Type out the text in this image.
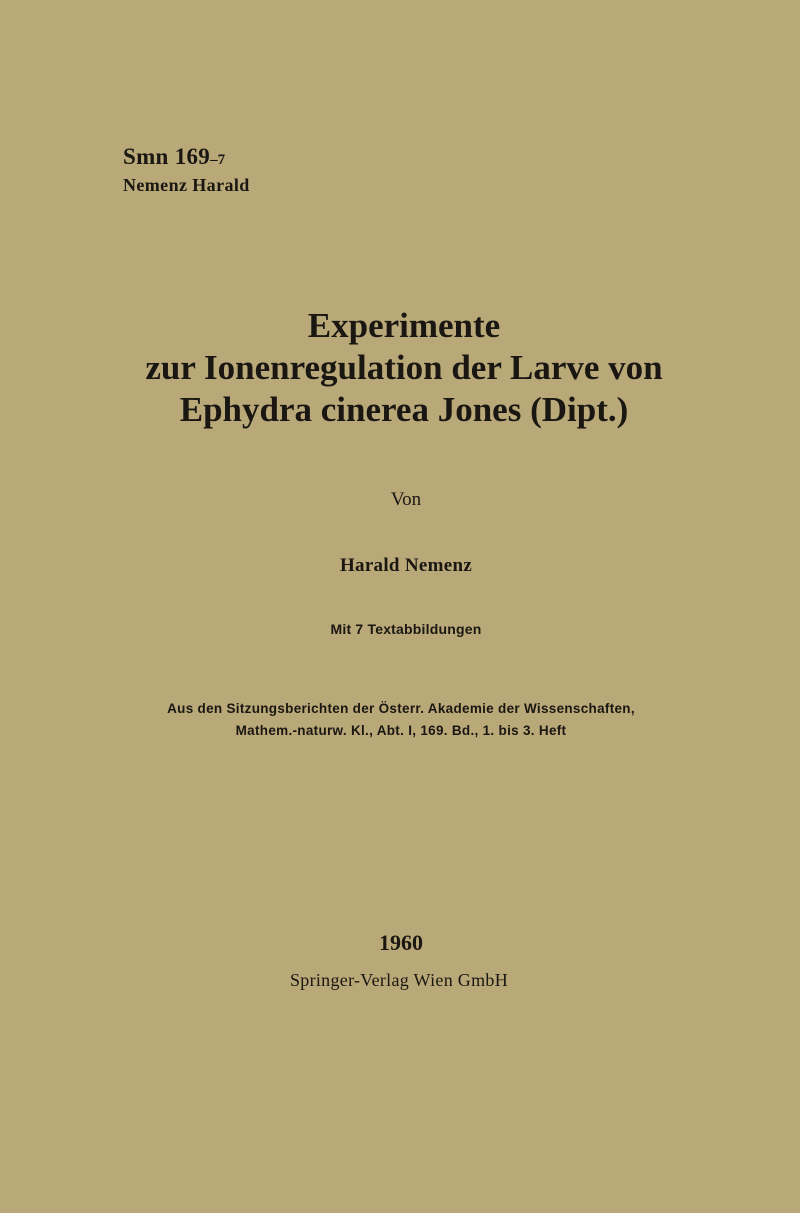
Smn 169–7
Nemenz Harald
Experimente
zur Ionenregulation der Larve von
Ephydra cinerea Jones (Dipt.)
Von
Harald Nemenz
Mit 7 Textabbildungen
Aus den Sitzungsberichten der Österr. Akademie der Wissenschaften,
Mathem.-naturw. Kl., Abt. I, 169. Bd., 1. bis 3. Heft
1960
Springer-Verlag Wien GmbH
